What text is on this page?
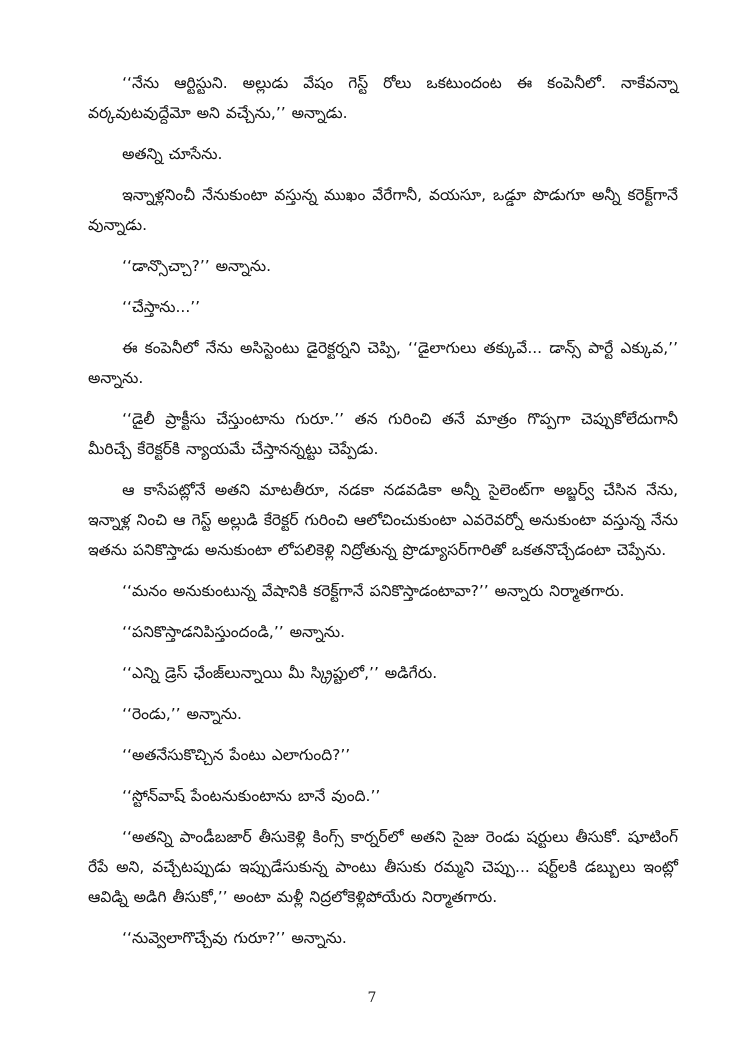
‘‘నేను ఆర్టిస్టుని. అల్లుడు వేషం గెస్ట్ రోలు ఒకటుందంట ఈ కంపెనీలో. నాకేవన్నా వర్కవుటవుద్దేమో అని వచ్చేను,’’ అన్నాడు.

అతన్ని చూసేను.

ఇన్నాళ్లనించీ నేనుకుంటా వస్తున్న ముఖం వేరేగానీ, వయసూ, ఒడ్డూ పొడుగూ అన్నీ కరెక్ట్‌గానే వున్నాడు.

‘‘డాన్సొచ్చా?’’ అన్నాను.

‘‘చేస్తాను...’’

ఈ కంపెనీలో నేను అసిస్టెంటు డైరెక్టర్నని చెప్పి, ‘‘డైలాగులు తక్కువే... డాన్స్ పార్టే ఎక్కువ,’’ అన్నాను.

‘‘డైలీ ప్రాక్టీసు చేస్తుంటాను గురూ.’’ తన గురించి తనే మాత్రం గొప్పగా చెప్పుకోలేదుగానీ మీరిచ్చే కేరెక్టర్‌కి న్యాయమే చేస్తానన్నట్టు చెప్పేడు.

ఆ కాసేపట్లోనే అతని మాటతీరూ, నడకా నడవడికా అన్నీ సైలెంట్‌గా అబ్జర్వ్ చేసిన నేను, ఇన్నాళ్ల నించి ఆ గెస్ట్ అల్లుడి కేరెక్టర్ గురించి ఆలోచించుకుంటా ఎవరెవర్నో అనుకుంటా వస్తున్న నేను ఇతను పనికొస్తాడు అనుకుంటా లోపలికెళ్లి నిద్రోతున్న ప్రొడ్యూసర్‌గారితో ఒకతనొచ్చేడంటా చెప్పేను.

‘‘మనం అనుకుంటున్న వేషానికి కరెక్ట్‌గానే పనికొస్తాడంటావా?’’ అన్నారు నిర్మాతగారు.

‘‘పనికొస్తాడనిపిస్తుందండి,’’ అన్నాను.

‘‘ఎన్ని డ్రెస్ ఛేంజ్‌లున్నాయి మీ స్క్రిప్టులో,’’ అడిగేరు.

‘‘రెండు,’’ అన్నాను.

‘‘అతనేసుకొచ్చిన పేంటు ఎలాగుంది?’’

‘‘స్టోన్‌వాష్ పేంటనుకుంటాను బానే వుంది.’’

‘‘అతన్ని పాండీబజార్ తీసుకెళ్లి కింగ్స్ కార్నర్‌లో అతని సైజు రెండు షర్టులు తీసుకో. షూటింగ్ రేపే అని, వచ్చేటప్పుడు ఇప్పుడేసుకున్న పాంటు తీసుకు రమ్మని చెప్పు... షర్ట్‌లకి డబ్బులు ఇంట్లో ఆవిడ్ని అడిగి తీసుకో,’’ అంటా మళ్లీ నిద్రలోకెళ్లిపోయేరు నిర్మాతగారు.

‘‘నువ్వెలాగొచ్చేవు గురూ?’’ అన్నాను.

7
